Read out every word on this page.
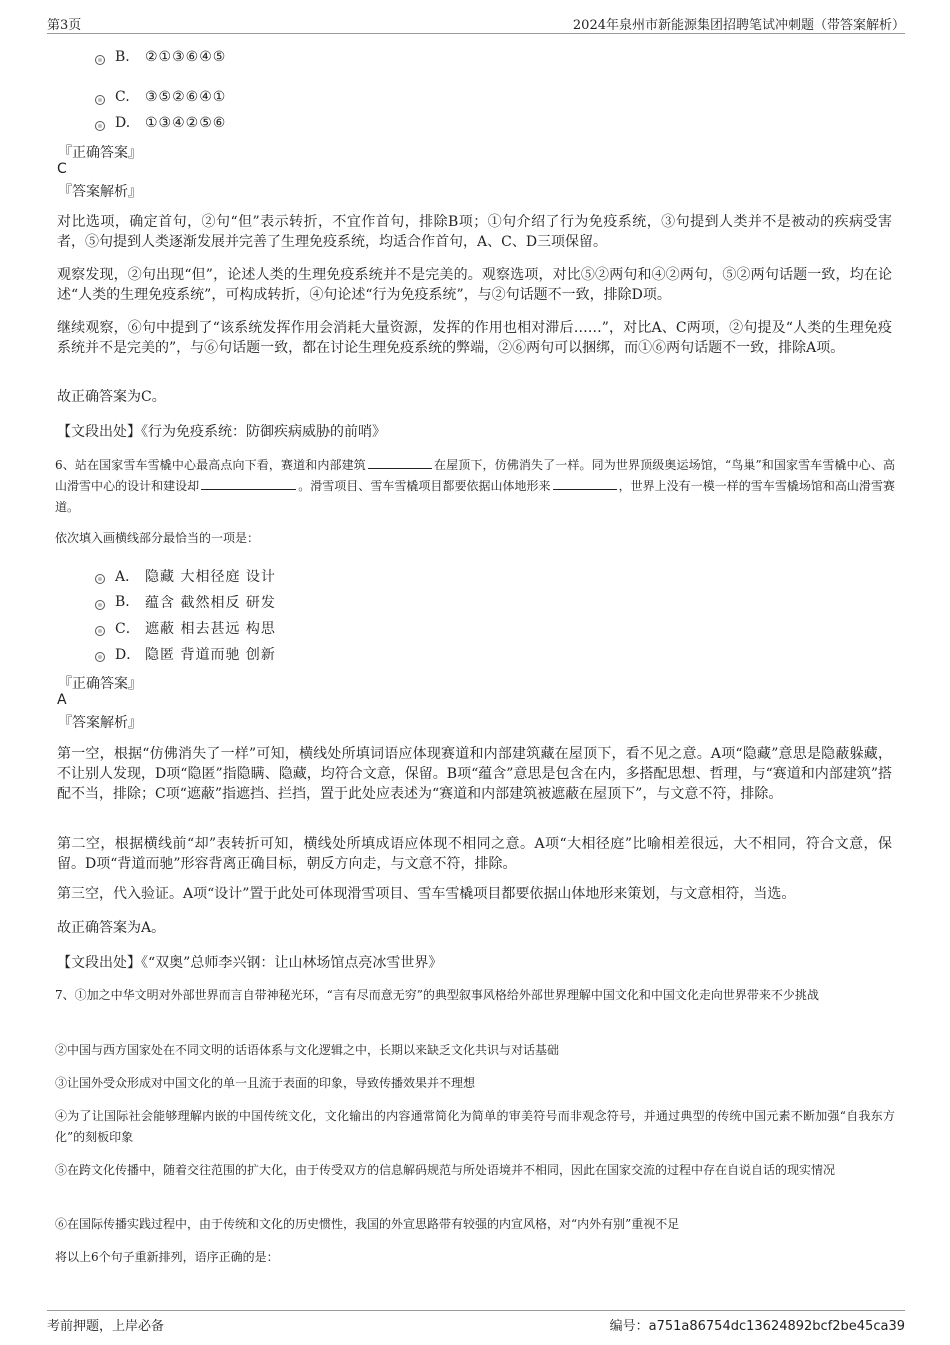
第3页	2024年泉州市新能源集团招聘笔试冲刺题（带答案解析）
B.	②①③⑥④⑤
C.	③⑤②⑥④①
D.	①③④②⑤⑥
『正确答案』
C
『答案解析』
对比选项，确定首句，②句“但”表示转折，不宜作首句，排除B项；①句介绍了行为免疫系统，③句提到人类并不是被动的疾病受害者，⑤句提到人类逐渐发展并完善了生理免疫系统，均适合作首句，A、C、D三项保留。
观察发现，②句出现“但”，论述人类的生理免疫系统并不是完美的。观察选项，对比⑤②两句和④②两句，⑤②两句话题一致，均在论述“人类的生理免疫系统”，可构成转折，④句论述“行为免疫系统”，与②句话题不一致，排除D项。
继续观察，⑥句中提到了“该系统发挥作用会消耗大量资源，发挥的作用也相对滞后……”，对比A、C两项，②句提及“人类的生理免疫系统并不是完美的”，与⑥句话题一致，都在讨论生理免疫系统的弊端，②⑥两句可以捆绑，而①⑥两句话题不一致，排除A项。
故正确答案为C。
【文段出处】《行为免疫系统：防御疾病威胁的前哨》
6、站在国家雪车雪橇中心最高点向下看，赛道和内部建筑	在屋顶下，仿佛消失了一样。同为世界顶级奥运场馆，“鸟巢”和国家雪车雪橇中心、高山滑雪中心的设计和建设却	。滑雪项目、雪车雪橇项目都要依据山体地形来	，世界上没有一模一样的雪车雪橇场馆和高山滑雪赛道。
依次填入画横线部分最恰当的一项是：
A． 隐藏 大相径庭 设计
B.	蕴含 截然相反 研发
C． 遮蔽 相去甚远 构思
D． 隐匿 背道而驰 创新
『正确答案』
A
『答案解析』
第一空，根据“仿佛消失了一样”可知，横线处所填词语应体现赛道和内部建筑藏在屋顶下，看不见之意。A项“隐藏”意思是隐蔽躲藏，不让别人发现，D项“隐匿”指隐瞒、隐藏，均符合文意，保留。B项“蕴含”意思是包含在内，多搭配思想、哲理，与“赛道和内部建筑”搭配不当，排除；C项“遮蔽”指遮挡、拦挡，置于此处应表述为“赛道和内部建筑被遮蔽在屋顶下”，与文意不符，排除。
第二空，根据横线前“却”表转折可知，横线处所填成语应体现不相同之意。A项“大相径庭”比喻相差很远，大不相同，符合文意，保留。D项“背道而驰”形容背离正确目标，朝反方向走，与文意不符，排除。
第三空，代入验证。A项“设计”置于此处可体现滑雪项目、雪车雪橇项目都要依据山体地形来策划，与文意相符，当选。
故正确答案为A。
【文段出处】《“双奥”总师李兴钢：让山林场馆点亮冰雪世界》
7、①加之中华文明对外部世界而言自带神秘光环，“言有尽而意无穷”的典型叙事风格给外部世界理解中国文化和中国文化走向世界带来不少挑战
②中国与西方国家处在不同文明的话语体系与文化逻辑之中，长期以来缺乏文化共识与对话基础
③让国外受众形成对中国文化的单一且流于表面的印象，导致传播效果并不理想
④为了让国际社会能够理解内嵌的中国传统文化，文化输出的内容通常简化为简单的审美符号而非观念符号，并通过典型的传统中国元素不断加强“自我东方化”的刻板印象
⑤在跨文化传播中，随着交往范围的扩大化，由于传受双方的信息解码规范与所处语境并不相同，因此在国家交流的过程中存在自说自话的现实情况
⑥在国际传播实践过程中，由于传统和文化的历史惯性，我国的外宣思路带有较强的内宣风格，对“内外有别”重视不足
将以上6个句子重新排列，语序正确的是：
考前押题，上岸必备	编号：a751a86754dc13624892bcf2be45ca39
